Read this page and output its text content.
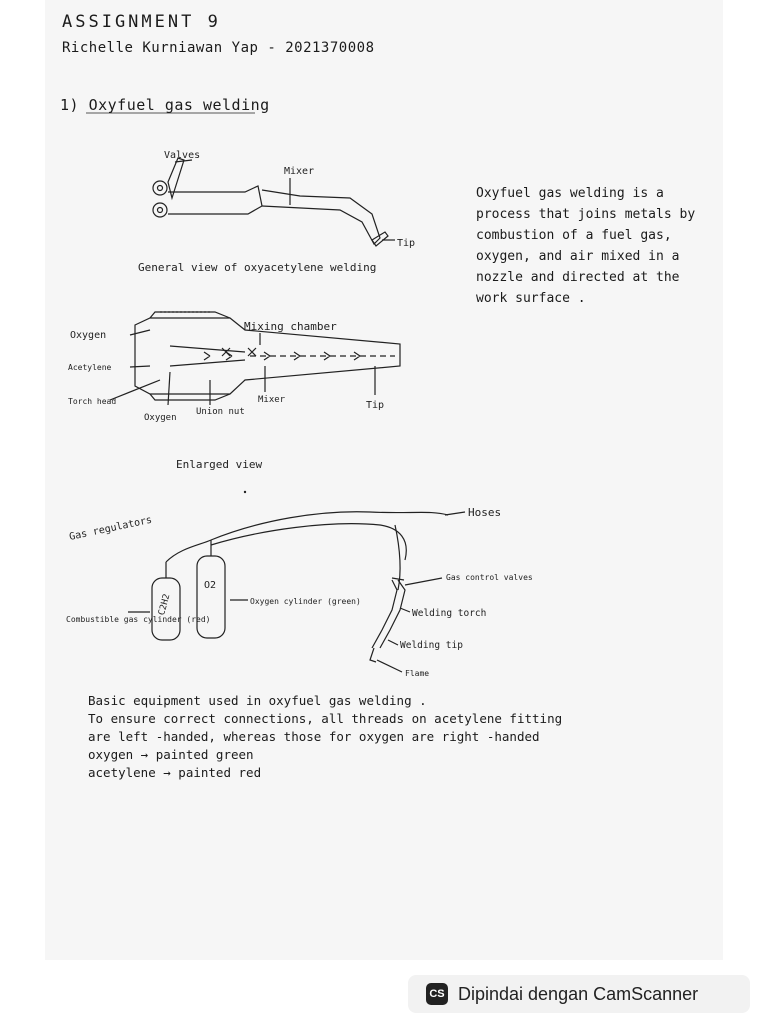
ASSIGNMENT 9
Richelle Kurniawan Yap - 2021370008
1) Oxyfuel gas welding
Valves
Mixer
Tip
General view of oxyacetylene welding
Oxygen
Acetylene
Torch head
Oxygen
Union nut
Mixer	Tip
Mixing chamber
Enlarged view
C2H2
O2
Gas regulators
Hoses
Gas control valves
Welding torch
Welding tip
Flame
Combustible gas cylinder (red)
Oxygen cylinder (green)
Oxyfuel gas welding is a
process that joins metals by
combustion of a fuel gas,
oxygen, and air mixed in a
nozzle and directed at the
work surface .
Basic equipment used in oxyfuel gas welding .
To ensure correct connections, all threads on acetylene fitting
are left -handed, whereas those for oxygen are right -handed
oxygen → painted green
acetylene → painted red
CS Dipindai dengan CamScanner
